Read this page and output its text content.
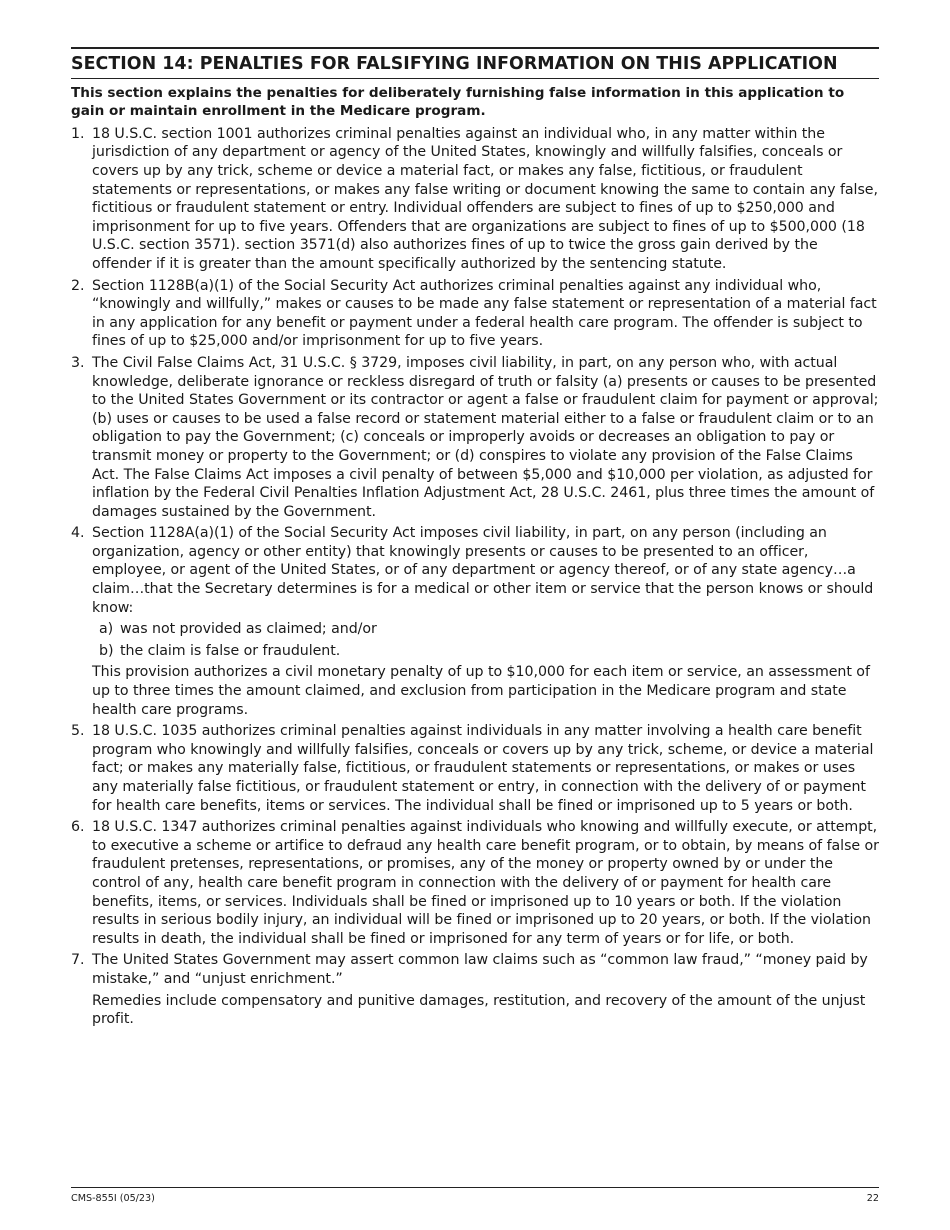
SECTION 14: PENALTIES FOR FALSIFYING INFORMATION ON THIS APPLICATION

This section explains the penalties for deliberately furnishing false information in this application to gain or maintain enrollment in the Medicare program.

1. 18 U.S.C. section 1001 authorizes criminal penalties against an individual who, in any matter within the jurisdiction of any department or agency of the United States, knowingly and willfully falsifies, conceals or covers up by any trick, scheme or device a material fact, or makes any false, fictitious, or fraudulent statements or representations, or makes any false writing or document knowing the same to contain any false, fictitious or fraudulent statement or entry. Individual offenders are subject to fines of up to $250,000 and imprisonment for up to five years. Offenders that are organizations are subject to fines of up to $500,000 (18 U.S.C. section 3571). section 3571(d) also authorizes fines of up to twice the gross gain derived by the offender if it is greater than the amount specifically authorized by the sentencing statute.

2. Section 1128B(a)(1) of the Social Security Act authorizes criminal penalties against any individual who, “knowingly and willfully,” makes or causes to be made any false statement or representation of a material fact in any application for any benefit or payment under a federal health care program. The offender is subject to fines of up to $25,000 and/or imprisonment for up to five years.

3. The Civil False Claims Act, 31 U.S.C. § 3729, imposes civil liability, in part, on any person who, with actual knowledge, deliberate ignorance or reckless disregard of truth or falsity (a) presents or causes to be presented to the United States Government or its contractor or agent a false or fraudulent claim for payment or approval; (b) uses or causes to be used a false record or statement material either to a false or fraudulent claim or to an obligation to pay the Government; (c) conceals or improperly avoids or decreases an obligation to pay or transmit money or property to the Government; or (d) conspires to violate any provision of the False Claims Act. The False Claims Act imposes a civil penalty of between $5,000 and $10,000 per violation, as adjusted for inflation by the Federal Civil Penalties Inflation Adjustment Act, 28 U.S.C. 2461, plus three times the amount of damages sustained by the Government.

4. Section 1128A(a)(1) of the Social Security Act imposes civil liability, in part, on any person (including an organization, agency or other entity) that knowingly presents or causes to be presented to an officer, employee, or agent of the United States, or of any department or agency thereof, or of any state agency…a claim…that the Secretary determines is for a medical or other item or service that the person knows or should know:

a) was not provided as claimed; and/or
b) the claim is false or fraudulent.

This provision authorizes a civil monetary penalty of up to $10,000 for each item or service, an assessment of up to three times the amount claimed, and exclusion from participation in the Medicare program and state health care programs.

5. 18 U.S.C. 1035 authorizes criminal penalties against individuals in any matter involving a health care benefit program who knowingly and willfully falsifies, conceals or covers up by any trick, scheme, or device a material fact; or makes any materially false, fictitious, or fraudulent statements or representations, or makes or uses any materially false fictitious, or fraudulent statement or entry, in connection with the delivery of or payment for health care benefits, items or services. The individual shall be fined or imprisoned up to 5 years or both.

6. 18 U.S.C. 1347 authorizes criminal penalties against individuals who knowing and willfully execute, or attempt, to executive a scheme or artifice to defraud any health care benefit program, or to obtain, by means of false or fraudulent pretenses, representations, or promises, any of the money or property owned by or under the control of any, health care benefit program in connection with the delivery of or payment for health care benefits, items, or services. Individuals shall be fined or imprisoned up to 10 years or both. If the violation results in serious bodily injury, an individual will be fined or imprisoned up to 20 years, or both. If the violation results in death, the individual shall be fined or imprisoned for any term of years or for life, or both.

7. The United States Government may assert common law claims such as “common law fraud,” “money paid by mistake,” and “unjust enrichment.”

Remedies include compensatory and punitive damages, restitution, and recovery of the amount of the unjust profit.

CMS-855I (05/23)	22
